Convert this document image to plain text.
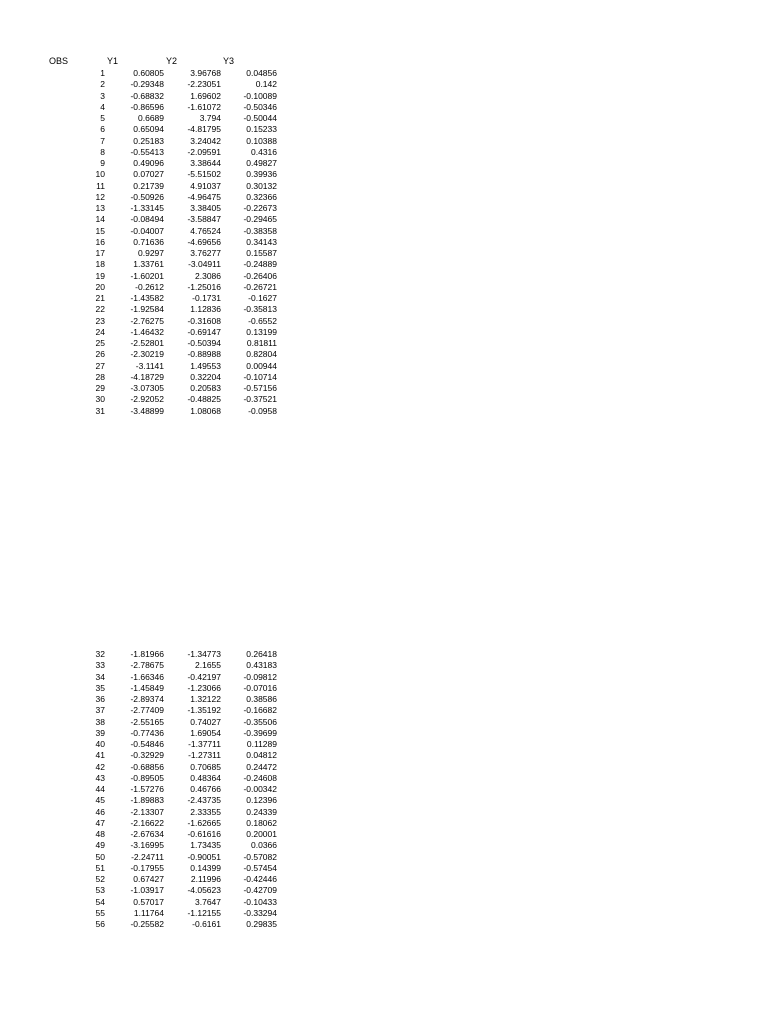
OBS	Y1	Y2	Y3
	1	0.60805	3.96768	0.04856	
	2	-0.29348	-2.23051	0.142	
	3	-0.68832	1.69602	-0.10089	
	4	-0.86596	-1.61072	-0.50346	
	5	0.6689	3.794	-0.50044	
	6	0.65094	-4.81795	0.15233	
	7	0.25183	3.24042	0.10388	
	8	-0.55413	-2.09591	0.4316	
	9	0.49096	3.38644	0.49827	
	10	0.07027	-5.51502	0.39936	
	11	0.21739	4.91037	0.30132	
	12	-0.50926	-4.96475	0.32366	
	13	-1.33145	3.38405	-0.22673	
	14	-0.08494	-3.58847	-0.29465	
	15	-0.04007	4.76524	-0.38358	
	16	0.71636	-4.69656	0.34143	
	17	0.9297	3.76277	0.15587	
	18	1.33761	-3.04911	-0.24889	
	19	-1.60201	2.3086	-0.26406	
	20	-0.2612	-1.25016	-0.26721	
	21	-1.43582	-0.1731	-0.1627	
	22	-1.92584	1.12836	-0.35813	
	23	-2.76275	-0.31608	-0.6552	
	24	-1.46432	-0.69147	0.13199	
	25	-2.52801	-0.50394	0.81811	
	26	-2.30219	-0.88988	0.82804	
	27	-3.1141	1.49553	0.00944	
	28	-4.18729	0.32204	-0.10714	
	29	-3.07305	0.20583	-0.57156	
	30	-2.92052	-0.48825	-0.37521	
	31	-3.48899	1.08068	-0.0958	
	32	-1.81966	-1.34773	0.26418	
	33	-2.78675	2.1655	0.43183	
	34	-1.66346	-0.42197	-0.09812	
	35	-1.45849	-1.23066	-0.07016	
	36	-2.89374	1.32122	0.38586	
	37	-2.77409	-1.35192	-0.16682	
	38	-2.55165	0.74027	-0.35506	
	39	-0.77436	1.69054	-0.39699	
	40	-0.54846	-1.37711	0.11289	
	41	-0.32929	-1.27311	0.04812	
	42	-0.68856	0.70685	0.24472	
	43	-0.89505	0.48364	-0.24608	
	44	-1.57276	0.46766	-0.00342	
	45	-1.89883	-2.43735	0.12396	
	46	-2.13307	2.33355	0.24339	
	47	-2.16622	-1.62665	0.18062	
	48	-2.67634	-0.61616	0.20001	
	49	-3.16995	1.73435	0.0366	
	50	-2.24711	-0.90051	-0.57082	
	51	-0.17955	0.14399	-0.57454	
	52	0.67427	2.11996	-0.42446	
	53	-1.03917	-4.05623	-0.42709	
	54	0.57017	3.7647	-0.10433	
	55	1.11764	-1.12155	-0.33294	
	56	-0.25582	-0.6161	0.29835	
